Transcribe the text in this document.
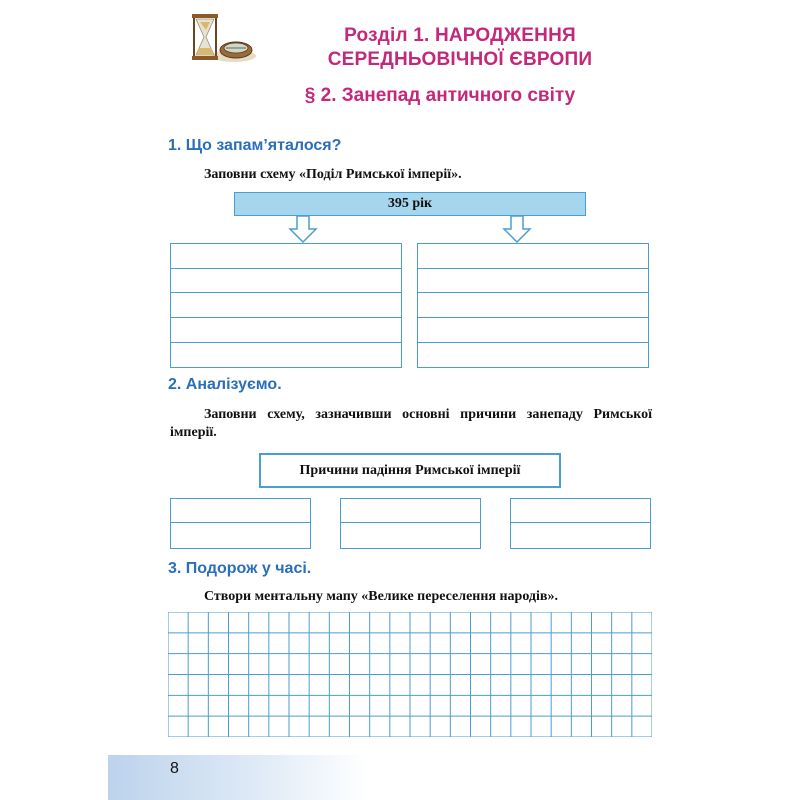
Розділ 1. НАРОДЖЕННЯ
СЕРЕДНЬОВІЧНОЇ ЄВРОПИ
§ 2. Занепад античного світу
1. Що запам’яталося?
Заповни схему «Поділ Римської імперії».
395 рік
2. Аналізуємо.
Заповни схему, зазначивши основні причини занепаду Римської імперії.
Причини падіння Римської імперії
3. Подорож у часі.
Створи ментальну мапу «Велике переселення народів».
8
